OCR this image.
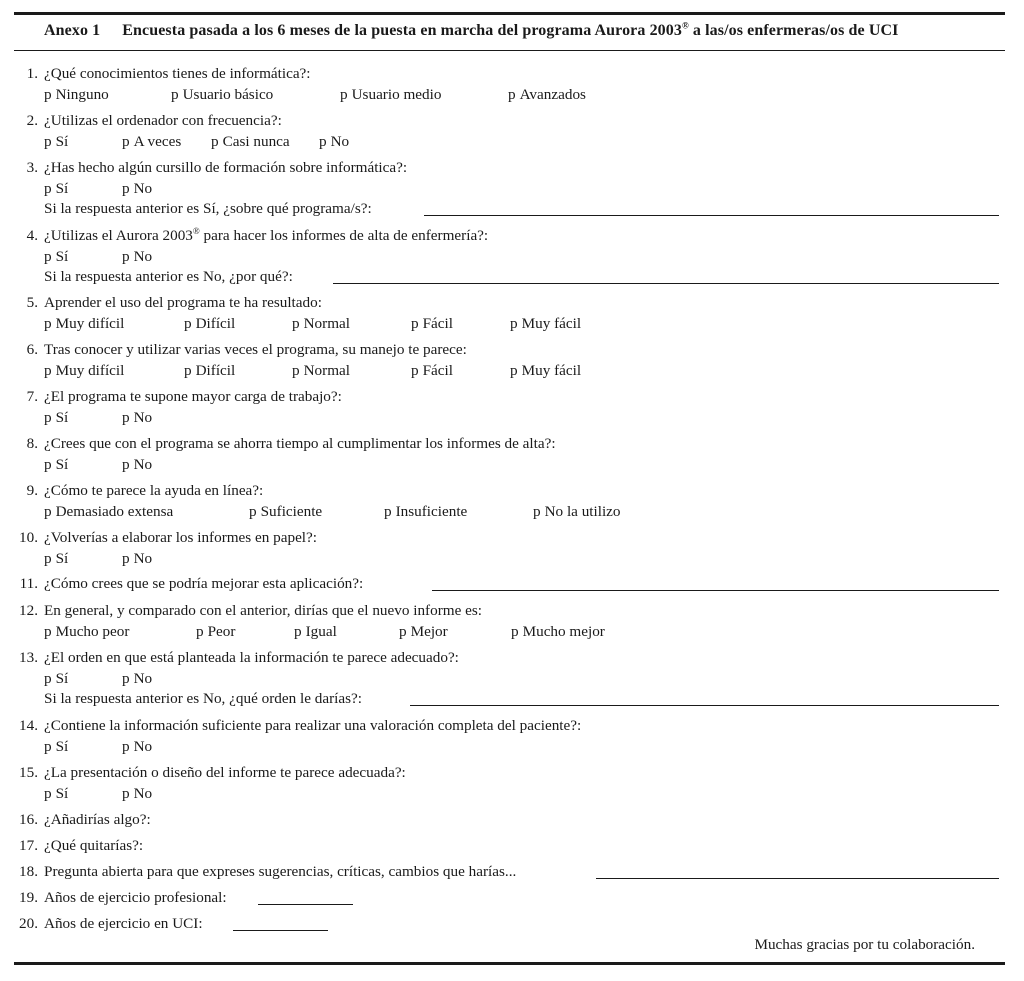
Anexo 1 Encuesta pasada a los 6 meses de la puesta en marcha del programa Aurora 2003® a las/os enfermeras/os de UCI
1. ¿Qué conocimientos tienes de informática?:
p Ninguno	p Usuario básico	p Usuario medio	p Avanzados
2. ¿Utilizas el ordenador con frecuencia?:
p Sí	p A veces p Casi nunca p No
3. ¿Has hecho algún cursillo de formación sobre informática?:
p Sí	p No
Si la respuesta anterior es Sí, ¿sobre qué programa/s?:
4. ¿Utilizas el Aurora 2003® para hacer los informes de alta de enfermería?:
p Sí	p No
Si la respuesta anterior es No, ¿por qué?:
5. Aprender el uso del programa te ha resultado:
p Muy difícil	p Difícil	p Normal	p Fácil	p Muy fácil
6. Tras conocer y utilizar varias veces el programa, su manejo te parece:
p Muy difícil	p Difícil	p Normal	p Fácil	p Muy fácil
7. ¿El programa te supone mayor carga de trabajo?:
p Sí	p No
8. ¿Crees que con el programa se ahorra tiempo al cumplimentar los informes de alta?:
p Sí	p No
9. ¿Cómo te parece la ayuda en línea?:
p Demasiado extensa	p Suficiente	p Insuficiente	p No la utilizo
10. ¿Volverías a elaborar los informes en papel?:
p Sí	p No
11. ¿Cómo crees que se podría mejorar esta aplicación?:
12. En general, y comparado con el anterior, dirías que el nuevo informe es:
p Mucho peor	p Peor	p Igual	p Mejor	p Mucho mejor
13. ¿El orden en que está planteada la información te parece adecuado?:
p Sí	p No
Si la respuesta anterior es No, ¿qué orden le darías?:
14. ¿Contiene la información suficiente para realizar una valoración completa del paciente?:
p Sí	p No
15. ¿La presentación o diseño del informe te parece adecuada?:
p Sí	p No
16. ¿Añadirías algo?:
17. ¿Qué quitarías?:
18. Pregunta abierta para que expreses sugerencias, críticas, cambios que harías...
19. Años de ejercicio profesional:
20. Años de ejercicio en UCI:
Muchas gracias por tu colaboración.
